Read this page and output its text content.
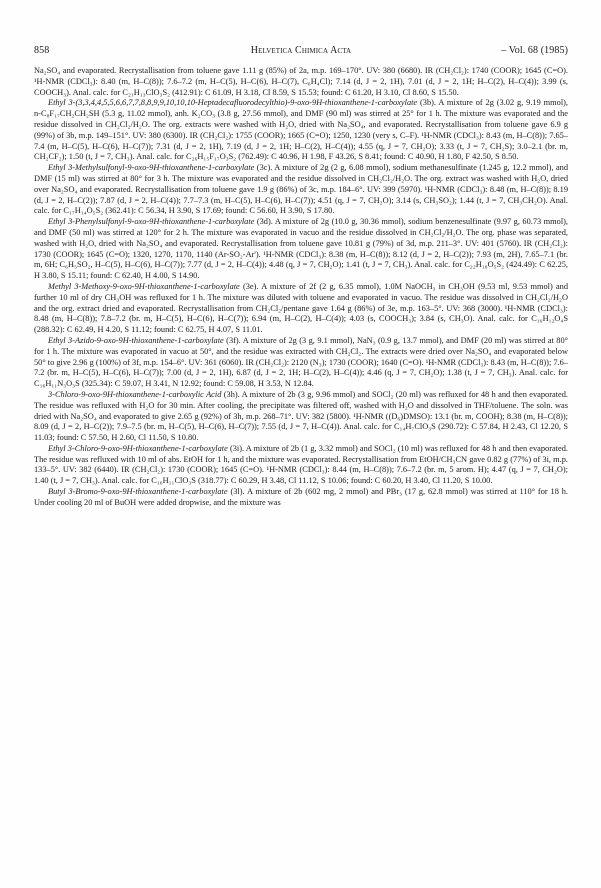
858	Helvetica Chimica Acta	– Vol. 68 (1985)

Na₂SO₄ and evaporated. Recrystallisation from toluene gave 1.11 g (85%) of 2a, m.p. 169–170°. UV: 380 (6680). IR (CH₂Cl₂): 1740 (COOR); 1645 (C=O). ¹H-NMR (CDCl₃): 8.40 (m, H–C(8)); 7.6–7.2 (m, H–C(5), H–C(6), H–C(7), C₆H₄Cl); 7.14 (d, J = 2, 1H), 7.01 (d, J = 2, 1H; H–C(2), H–C(4)); 3.99 (s, COOCH₃). Anal. calc. for C₂₁H₁₃ClO₃S₂ (412.91): C 61.09, H 3.18, Cl 8.59, S 15.53; found: C 61.20, H 3.10, Cl 8.60, S 15.50.

Ethyl 3-(3,3,4,4,5,5,6,6,7,7,8,8,9,9,10,10,10-Heptadecafluorodecylthio)-9-oxo-9H-thioxanthene-1-carboxylate (3b). A mixture of 2g (3.02 g, 9.19 mmol), n-C₈F₁₇CH₂CH₂SH (5.3 g, 11.02 mmol), anh. K₂CO₃ (3.8 g, 27.56 mmol), and DMF (90 ml) was stirred at 25° for 1 h. The mixture was evaporated and the residue dissolved in CH₂Cl₂/H₂O. The org. extracts were washed with H₂O, dried with Na₂SO₄, and evaporated. Recrystallisation from toluene gave 6.9 g (99%) of 3b, m.p. 149–151°. UV: 380 (6300). IR (CH₂Cl₂): 1755 (COOR); 1665 (C=O); 1250, 1230 (very s, C–F). ¹H-NMR (CDCl₃): 8.43 (m, H–C(8)); 7.65–7.4 (m, H–C(5), H–C(6), H–C(7)); 7.31 (d, J = 2, 1H), 7.19 (d, J = 2, 1H; H–C(2), H–C(4)); 4.55 (q, J = 7, CH₂O); 3.33 (t, J = 7, CH₂S); 3.0–2.1 (br. m, CH₂CF₂); 1.50 (t, J = 7, CH₃). Anal. calc. for C₂₆H₁₅F₁₇O₃S₂ (762.49): C 40.96, H 1.98, F 43.26, S 8.41; found: C 40.90, H 1.80, F 42.50, S 8.50.

Ethyl 3-Methylsulfonyl-9-oxo-9H-thioxanthene-1-carboxylate (3c). A mixture of 2g (2 g, 6.08 mmol), sodium methanesulfinate (1.245 g, 12.2 mmol), and DMF (15 ml) was stirred at 80° for 3 h. The mixture was evaporated and the residue dissolved in CH₂Cl₂/H₂O. The org. extract was washed with H₂O, dried over Na₂SO₄ and evaporated. Recrystallisation from toluene gave 1.9 g (86%) of 3c, m.p. 184–6°. UV: 399 (5970). ¹H-NMR (CDCl₃): 8.48 (m, H–C(8)); 8.19 (d, J = 2, H–C(2)); 7.87 (d, J = 2, H–C(4)); 7.7–7.3 (m, H–C(5), H–C(6), H–C(7)); 4.51 (q, J = 7, CH₂O); 3.14 (s, CH₃SO₂); 1.44 (t, J = 7, CH₃CH₂O). Anal. calc. for C₁₇H₁₄O₅S₂ (362.41): C 56.34, H 3.90, S 17.69; found: C 56.60, H 3.90, S 17.80.

Ethyl 3-Phenylsulfonyl-9-oxo-9H-thioxanthene-1-carboxylate (3d). A mixture of 2g (10.0 g, 30.36 mmol), sodium benzenesulfinate (9.97 g, 60.73 mmol), and DMF (50 ml) was stirred at 120° for 2 h. The mixture was evaporated in vacuo and the residue dissolved in CH₂Cl₂/H₂O. The org. phase was separated, washed with H₂O, dried with Na₂SO₄ and evaporated. Recrystallisation from toluene gave 10.81 g (79%) of 3d, m.p. 211–3°. UV: 401 (5760). IR (CH₂Cl₂): 1730 (COOR); 1645 (C=O); 1320, 1270, 1170, 1140 (Ar-SO₂-Ar'). ¹H-NMR (CDCl₃): 8.38 (m, H–C(8)); 8.12 (d, J = 2, H–C(2)); 7.93 (m, 2H), 7.65–7.1 (br. m, 6H; C₆H₅SO₂, H–C(5), H–C(6), H–C(7)); 7.77 (d, J = 2, H–C(4)); 4.48 (q, J = 7, CH₂O); 1.41 (t, J = 7, CH₃). Anal. calc. for C₂₂H₁₆O₅S₂ (424.49): C 62.25, H 3.80, S 15.11; found: C 62.40, H 4.00, S 14.90.

Methyl 3-Methoxy-9-oxo-9H-thioxanthene-1-carboxylate (3e). A mixture of 2f (2 g, 6.35 mmol), 1.0M NaOCH₃ in CH₃OH (9.53 ml, 9.53 mmol) and further 10 ml of dry CH₃OH was refluxed for 1 h. The mixture was diluted with toluene and evaporated in vacuo. The residue was dissolved in CH₂Cl₂/H₂O and the org. extract dried and evaporated. Recrystallisation from CH₂Cl₂/pentane gave 1.64 g (86%) of 3e, m.p. 163–5°. UV: 368 (3000). ¹H-NMR (CDCl₃): 8.48 (m, H–C(8)); 7.8–7.2 (br. m, H–C(5), H–C(6), H–C(7)); 6.94 (m, H–C(2), H–C(4)); 4.03 (s, COOCH₃); 3.84 (s, CH₃O). Anal. calc. for C₁₆H₁₂O₄S (288.32): C 62.49, H 4.20, S 11.12; found: C 62.75, H 4.07, S 11.01.

Ethyl 3-Azido-9-oxo-9H-thioxanthene-1-carboxylate (3f). A mixture of 2g (3 g, 9.1 mmol), NaN₃ (0.9 g, 13.7 mmol), and DMF (20 ml) was stirred at 80° for 1 h. The mixture was evaporated in vacuo at 50°, and the residue was extracted with CH₂Cl₂. The extracts were dried over Na₂SO₄ and evaporated below 50° to give 2.96 g (100%) of 3f, m.p. 154–6°. UV: 361 (6060). IR (CH₂Cl₂): 2120 (N₃); 1730 (COOR); 1640 (C=O). ¹H-NMR (CDCl₃): 8.43 (m, H–C(8)); 7.6–7.2 (br. m, H–C(5), H–C(6), H–C(7)); 7.00 (d, J = 2, 1H), 6.87 (d, J = 2, 1H; H–C(2), H–C(4)); 4.46 (q, J = 7, CH₂O); 1.38 (t, J = 7, CH₃). Anal. calc. for C₁₆H₁₁N₃O₃S (325.34): C 59.07, H 3.41, N 12.92; found: C 59.08, H 3.53, N 12.84.

3-Chloro-9-oxo-9H-thioxanthene-1-carboxylic Acid (3h). A mixture of 2b (3 g, 9.96 mmol) and SOCl₂ (20 ml) was refluxed for 48 h and then evaporated. The residue was refluxed with H₂O for 30 min. After cooling, the precipitate was filtered off, washed with H₂O and dissolved in THF/toluene. The soln. was dried with Na₂SO₄ and evaporated to give 2.65 g (92%) of 3h, m.p. 268–71°. UV: 382 (5800). ¹H-NMR ((D₆)DMSO): 13.1 (br. m, COOH); 8.38 (m, H–C(8)); 8.09 (d, J = 2, H–C(2)); 7.9–7.5 (br. m, H–C(5), H–C(6), H–C(7)); 7.55 (d, J = 7, H–C(4)). Anal. calc. for C₁₄H₇ClO₃S (290.72): C 57.84, H 2.43, Cl 12.20, S 11.03; found: C 57.50, H 2.60, Cl 11.50, S 10.80.

Ethyl 3-Chloro-9-oxo-9H-thioxanthene-1-carboxylate (3i). A mixture of 2b (1 g, 3.32 mmol) and SOCl₂ (10 ml) was refluxed for 48 h and then evaporated. The residue was refluxed with 10 ml of abs. EtOH for 1 h, and the mixture was evaporated. Recrystallisation from EtOH/CH₃CN gave 0.82 g (77%) of 3i, m.p. 133–5°. UV: 382 (6440). IR (CH₂Cl₂): 1730 (COOR); 1645 (C=O). ¹H-NMR (CDCl₃): 8.44 (m, H–C(8)); 7.6–7.2 (br. m, 5 arom. H); 4.47 (q, J = 7, CH₂O); 1.40 (t, J = 7, CH₃). Anal. calc. for C₁₆H₁₁ClO₃S (318.77): C 60.29, H 3.48, Cl 11.12, S 10.06; found: C 60.20, H 3.40, Cl 11.20, S 10.00.

Butyl 3-Bromo-9-oxo-9H-thioxanthene-1-carboxylate (3l). A mixture of 2b (602 mg, 2 mmol) and PBr₃ (17 g, 62.8 mmol) was stirred at 110° for 18 h. Under cooling 20 ml of BuOH were added dropwise, and the mixture was
